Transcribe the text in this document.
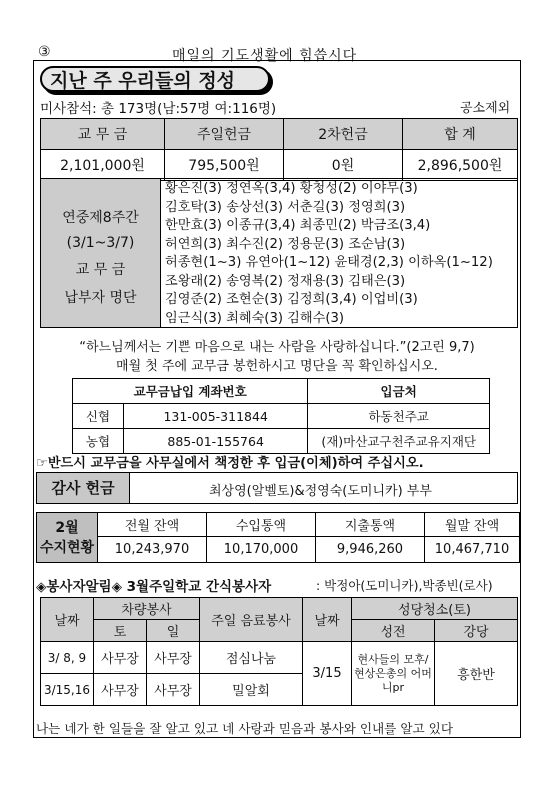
③	매일의 기도생활에 힘씁시다
지난 주 우리들의 정성
미사참석: 총 173명(남:57명 여:116명)	공소제외
교 무 금	주일헌금	2차헌금	합 계
2,101,000원	795,500원	0원	2,896,500원
연중제8주간
(3/1~3/7)
교 무 금
납부자 명단
황은진(3) 정연옥(3,4) 황청성(2) 이야무(3)
김호탁(3) 송상선(3) 서춘길(3) 정영희(3)
한만효(3) 이종규(3,4) 최종민(2) 박금조(3,4)
허연희(3) 최수진(2) 정용문(3) 조순남(3)
허종현(1~3) 유연아(1~12) 윤태경(2,3) 이하옥(1~12)
조왕래(2) 송영복(2) 정재용(3) 김태은(3)
김영준(2) 조현순(3) 김정희(3,4) 이업비(3)
임근식(3) 최혜숙(3) 김해수(3)
“하느님께서는 기쁜 마음으로 내는 사람을 사랑하십니다.”(2고린 9,7)
매월 첫 주에 교무금 봉헌하시고 명단을 꼭 확인하십시오.
교무금납입 계좌번호		입금처
신협	131-005-311844	하동천주교
농협	885-01-155764	(재)마산교구천주교유지재단
☞반드시 교무금을 사무실에서 책정한 후 입금(이체)하여 주십시오.
감사 헌금	최상영(알벨토)&정영숙(도미니카) 부부
2월
수지현황	전월 잔액	수입통액	지출통액	월말 잔액
	10,243,970	10,170,000	9,946,260	10,467,710
◈봉사자알림◈ 3월주일학교 간식봉사자	: 박정아(도미니카),박종빈(로사)
날짜	차량봉사		주일 음료봉사	날짜	성당청소(토)	
	토	일			성전	강당
3/ 8, 9	사무장	사무장	점심나눔	3/15	현사들의 모후/ 현상은총의 어머니pr	흥한반
3/15,16	사무장	사무장	밀알회			
나는 네가 한 일들을 잘 알고 있고 네 사랑과 믿음과 봉사와 인내를 알고 있다
